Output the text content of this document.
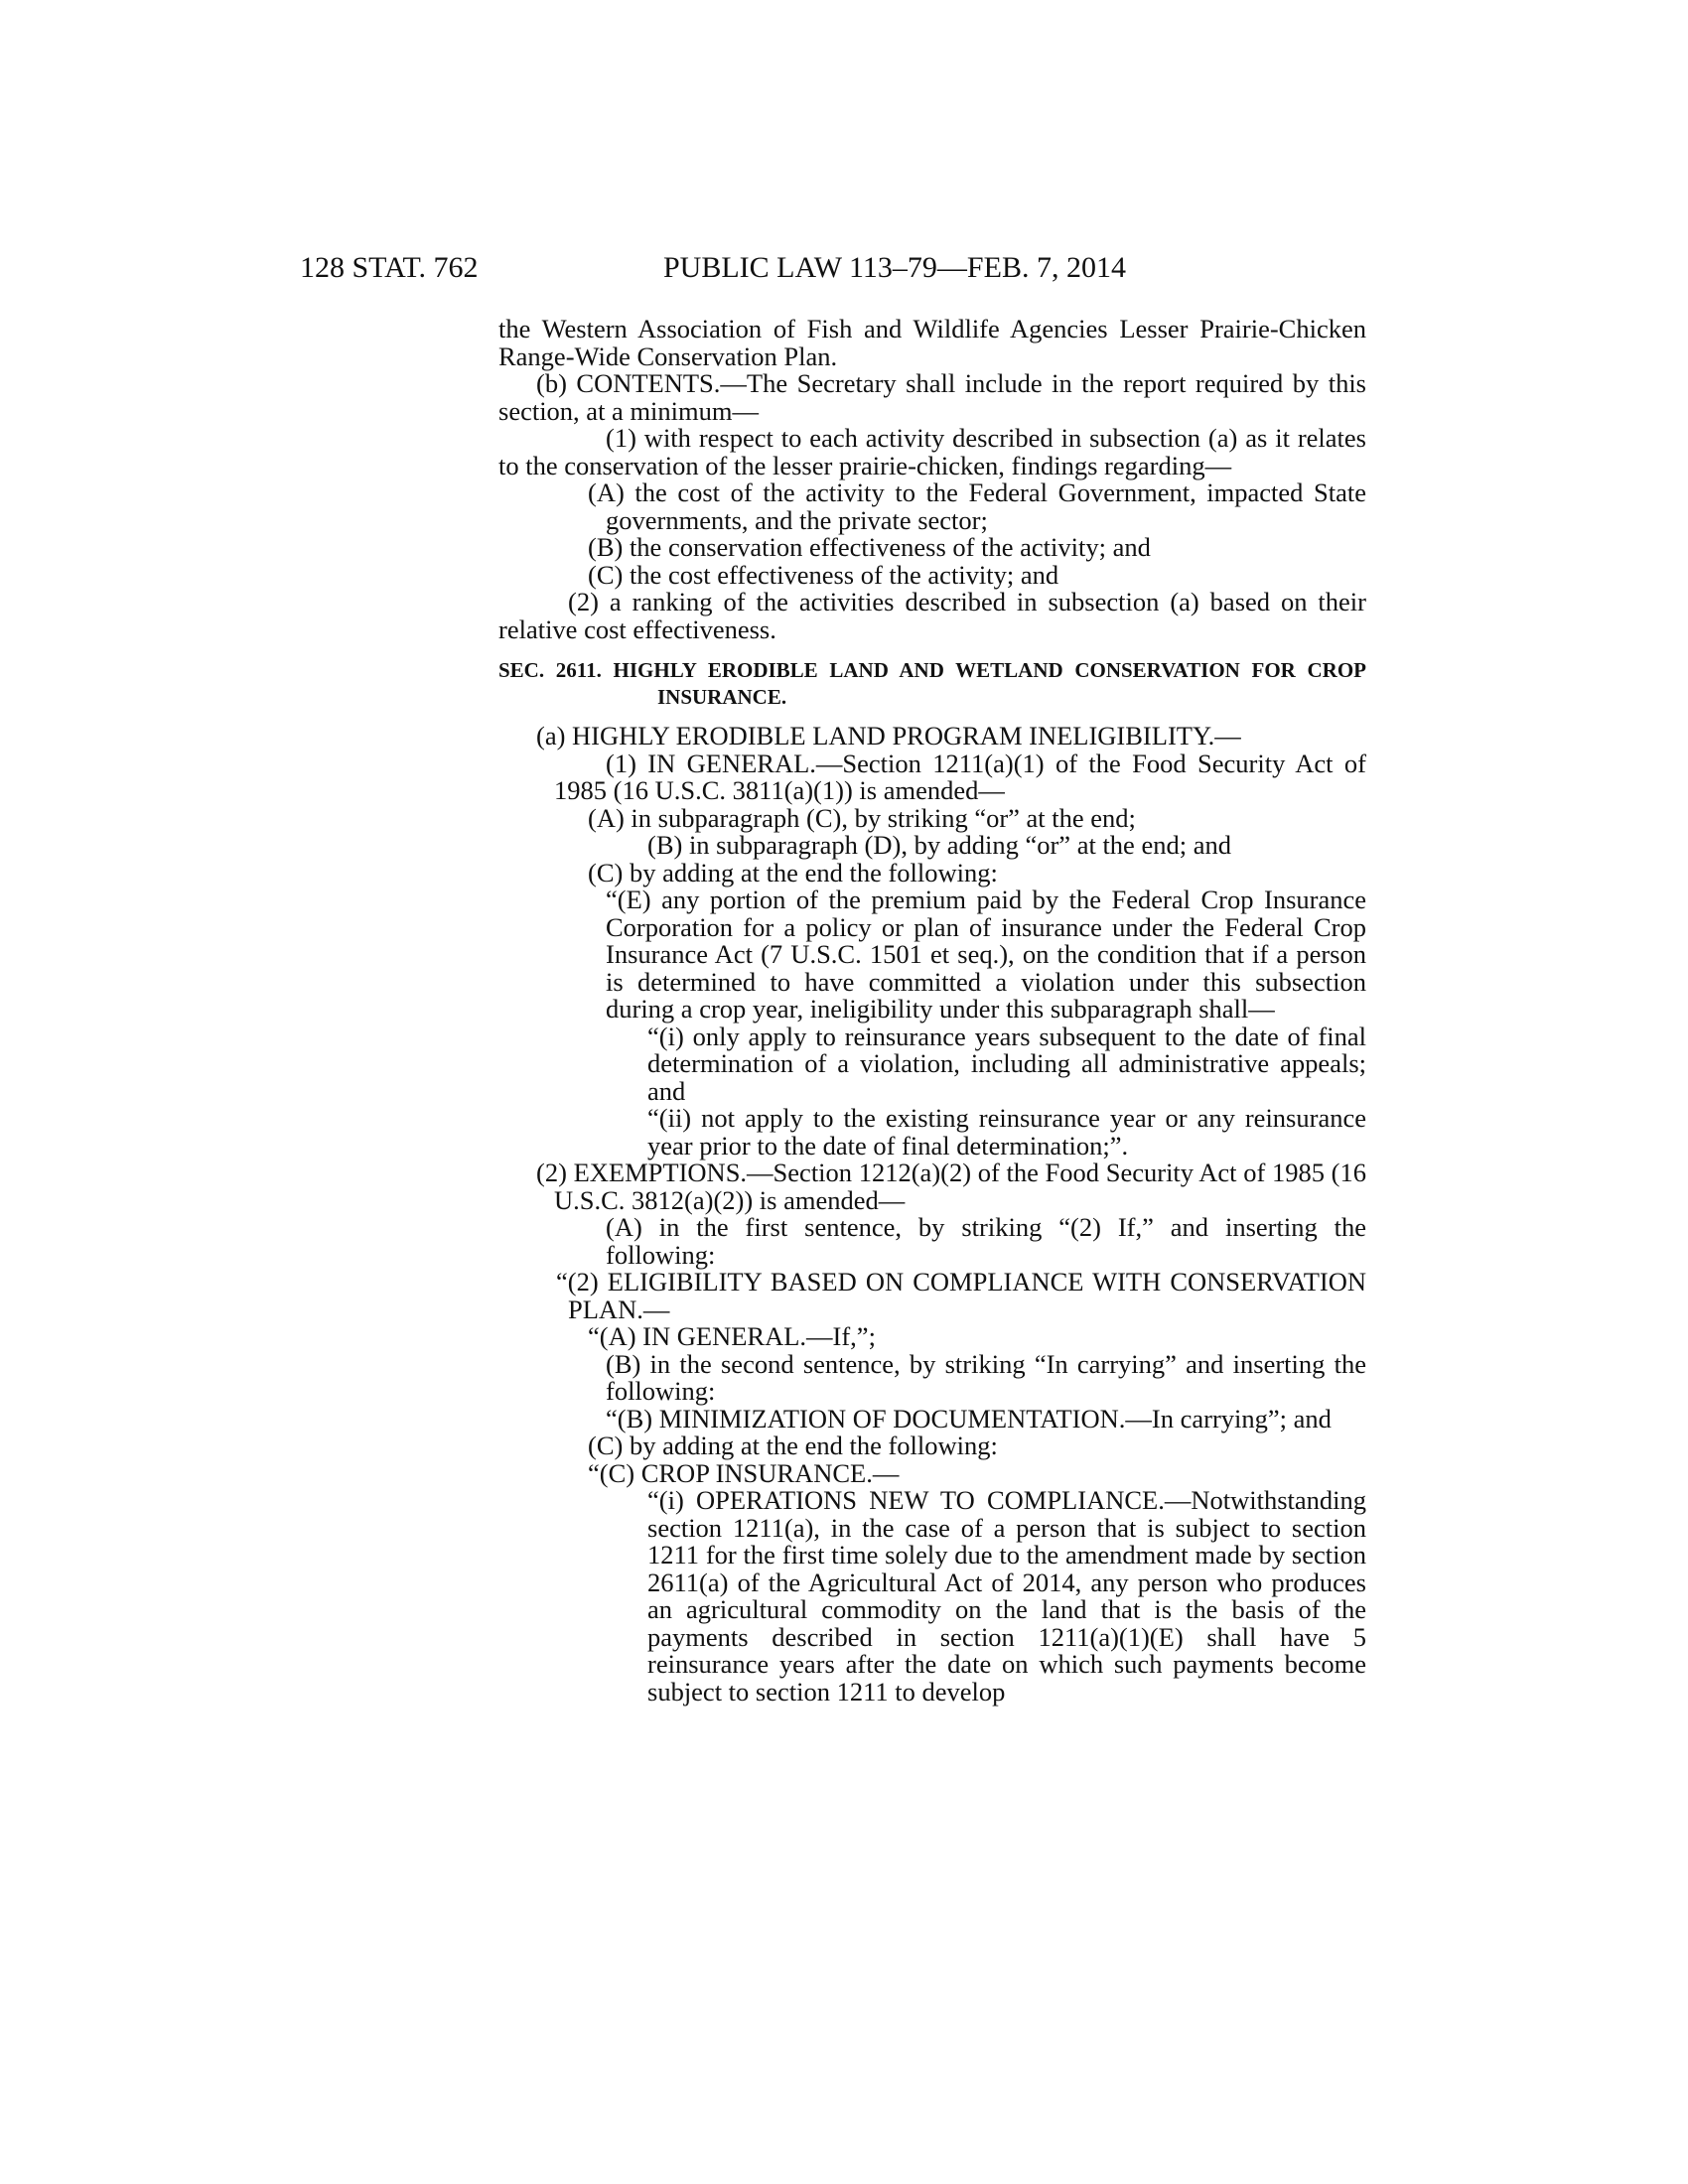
128 STAT. 762	PUBLIC LAW 113–79—FEB. 7, 2014

the Western Association of Fish and Wildlife Agencies Lesser Prairie-Chicken Range-Wide Conservation Plan.

(b) CONTENTS.—The Secretary shall include in the report required by this section, at a minimum—

(1) with respect to each activity described in subsection (a) as it relates to the conservation of the lesser prairie-chicken, findings regarding—

(A) the cost of the activity to the Federal Government, impacted State governments, and the private sector;

(B) the conservation effectiveness of the activity; and

(C) the cost effectiveness of the activity; and

(2) a ranking of the activities described in subsection (a) based on their relative cost effectiveness.

SEC. 2611. HIGHLY ERODIBLE LAND AND WETLAND CONSERVATION FOR CROP INSURANCE.

(a) HIGHLY ERODIBLE LAND PROGRAM INELIGIBILITY.—

(1) IN GENERAL.—Section 1211(a)(1) of the Food Security Act of 1985 (16 U.S.C. 3811(a)(1)) is amended—

(A) in subparagraph (C), by striking “or” at the end;

(B) in subparagraph (D), by adding “or” at the end; and

(C) by adding at the end the following:

“(E) any portion of the premium paid by the Federal Crop Insurance Corporation for a policy or plan of insurance under the Federal Crop Insurance Act (7 U.S.C. 1501 et seq.), on the condition that if a person is determined to have committed a violation under this subsection during a crop year, ineligibility under this subparagraph shall—

“(i) only apply to reinsurance years subsequent to the date of final determination of a violation, including all administrative appeals; and

“(ii) not apply to the existing reinsurance year or any reinsurance year prior to the date of final determination;”.

(2) EXEMPTIONS.—Section 1212(a)(2) of the Food Security Act of 1985 (16 U.S.C. 3812(a)(2)) is amended—

(A) in the first sentence, by striking “(2) If,” and inserting the following:

“(2) ELIGIBILITY BASED ON COMPLIANCE WITH CONSERVATION PLAN.—

“(A) IN GENERAL.—If,”;

(B) in the second sentence, by striking “In carrying” and inserting the following:

“(B) MINIMIZATION OF DOCUMENTATION.—In carrying”; and

(C) by adding at the end the following:

“(C) CROP INSURANCE.—

“(i) OPERATIONS NEW TO COMPLIANCE.—Notwithstanding section 1211(a), in the case of a person that is subject to section 1211 for the first time solely due to the amendment made by section 2611(a) of the Agricultural Act of 2014, any person who produces an agricultural commodity on the land that is the basis of the payments described in section 1211(a)(1)(E) shall have 5 reinsurance years after the date on which such payments become subject to section 1211 to develop
